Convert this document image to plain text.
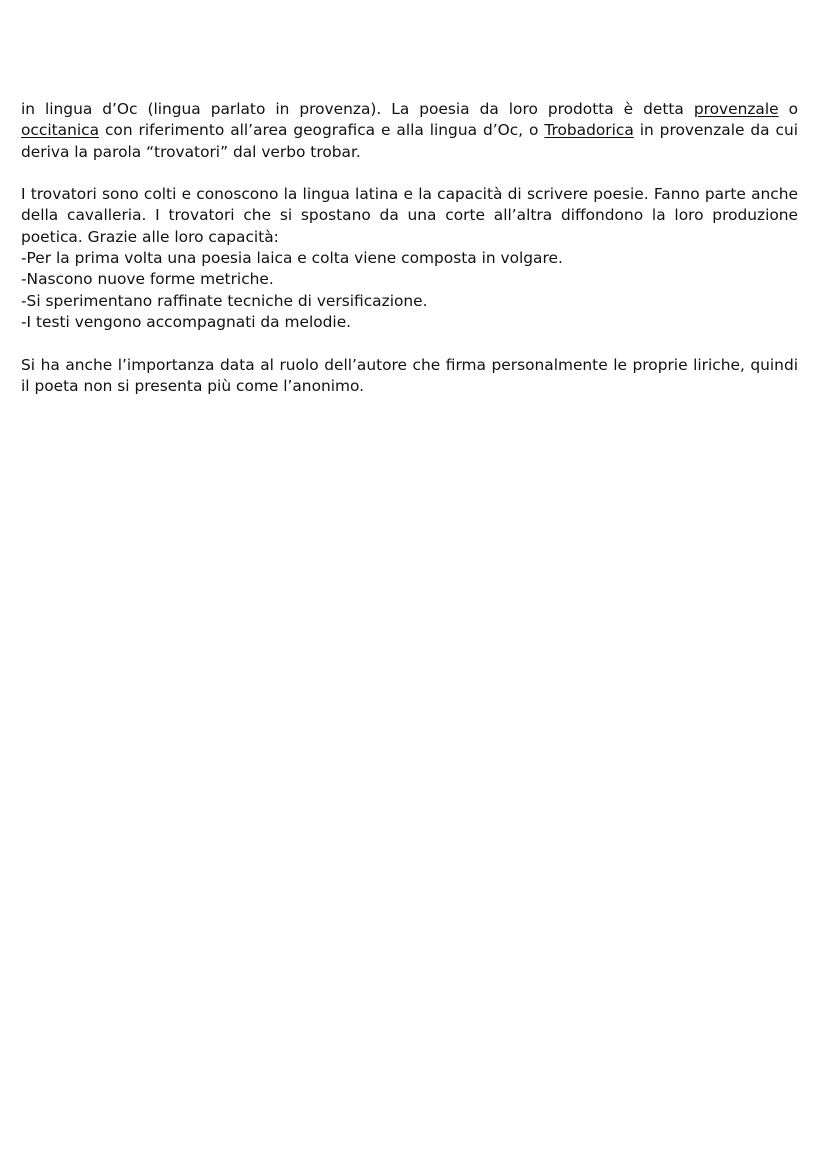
in lingua d’Oc (lingua parlato in provenza). La poesia da loro prodotta è detta provenzale o occitanica con riferimento all’area geografica e alla lingua d’Oc, o Trobadorica in provenzale da cui deriva la parola “trovatori” dal verbo trobar.

I trovatori sono colti e conoscono la lingua latina e la capacità di scrivere poesie. Fanno parte anche della cavalleria. I trovatori che si spostano da una corte all’altra diffondono la loro produzione poetica. Grazie alle loro capacità:

-Per la prima volta una poesia laica e colta viene composta in volgare.

-Nascono nuove forme metriche.

-Si sperimentano raffinate tecniche di versificazione.

-I testi vengono accompagnati da melodie.

Si ha anche l’importanza data al ruolo dell’autore che firma personalmente le proprie liriche, quindi il poeta non si presenta più come l’anonimo.
